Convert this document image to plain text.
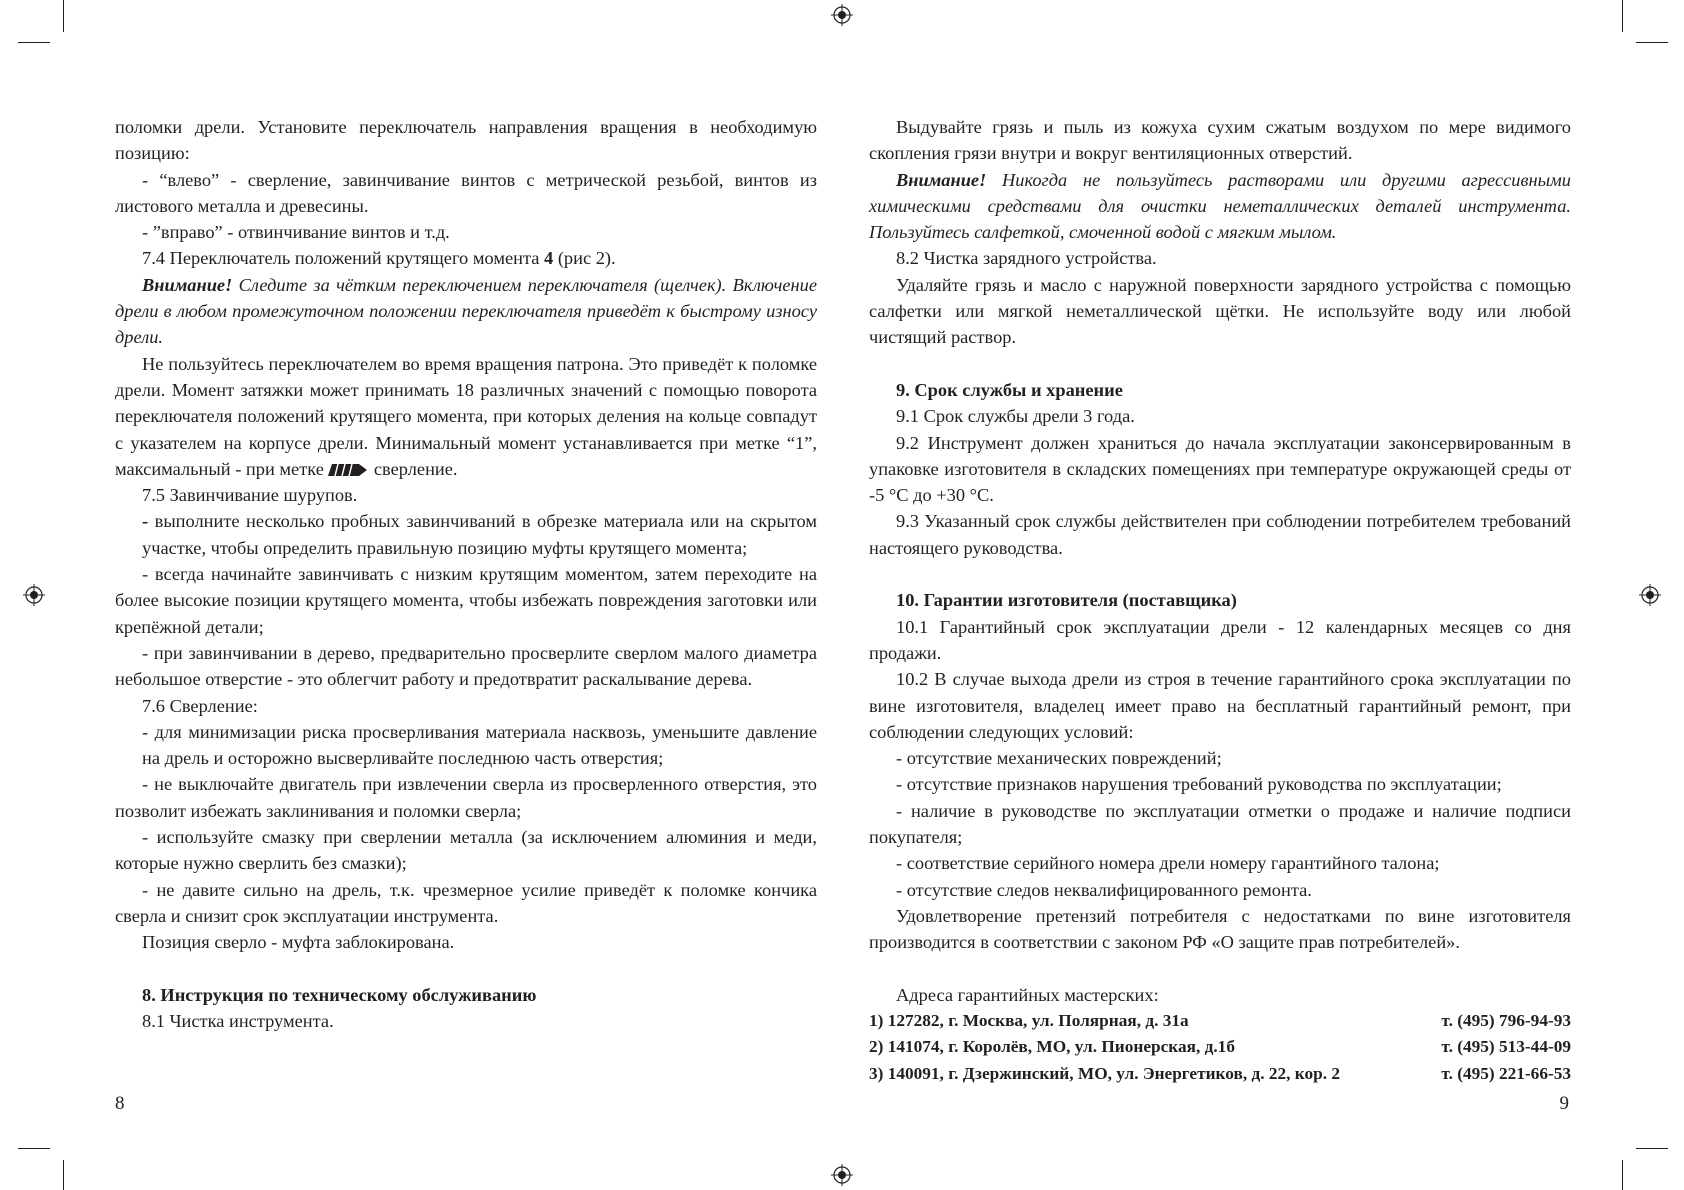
поломки дрели. Установите переключатель направления вращения в необходимую позицию:

- “влево” - сверление, завинчивание винтов с метрической резьбой, винтов из листового металла и древесины.

- ”вправо” - отвинчивание винтов и т.д.

7.4 Переключатель положений крутящего момента 4 (рис 2).

Внимание! Следите за чётким переключением переключателя (щелчек). Включение дрели в любом промежуточном положении переключателя приведёт к быстрому износу дрели.

Не пользуйтесь переключателем во время вращения патрона. Это приведёт к поломке дрели. Момент затяжки может принимать 18 различных значений с помощью поворота переключателя положений крутящего момента, при которых деления на кольце совпадут с указателем на корпусе дрели. Минимальный момент устанавливается при метке “1”, максимальный - при метке	сверление.

7.5 Завинчивание шурупов.

- выполните несколько пробных завинчиваний в обрезке материала или на скрытом участке, чтобы определить правильную позицию муфты крутящего момента;

- всегда начинайте завинчивать с низким крутящим моментом, затем переходите на более высокие позиции крутящего момента, чтобы избежать повреждения заготовки или крепёжной детали;

- при завинчивании в дерево, предварительно просверлите сверлом малого диаметра небольшое отверстие - это облегчит работу и предотвратит раскалывание дерева.

7.6 Сверление:

- для минимизации риска просверливания материала насквозь, уменьшите давление на дрель и осторожно высверливайте последнюю часть отверстия;

- не выключайте двигатель при извлечении сверла из просверленного отверстия, это позволит избежать заклинивания и поломки сверла;

- используйте смазку при сверлении металла (за исключением алюминия и меди, которые нужно сверлить без смазки);

- не давите сильно на дрель, т.к. чрезмерное усилие приведёт к поломке кончика сверла и снизит срок эксплуатации инструмента.

Позиция сверло - муфта заблокирована.

8. Инструкция по техническому обслуживанию

8.1 Чистка инструмента.

8

Выдувайте грязь и пыль из кожуха сухим сжатым воздухом по мере видимого скопления грязи внутри и вокруг вентиляционных отверстий.

Внимание! Никогда не пользуйтесь растворами или другими агрессивными химическими средствами для очистки неметаллических деталей инструмента. Пользуйтесь салфеткой, смоченной водой с мягким мылом.

8.2 Чистка зарядного устройства.

Удаляйте грязь и масло с наружной поверхности зарядного устройства с помощью салфетки или мягкой неметаллической щётки. Не используйте воду или любой чистящий раствор.

9. Срок службы и хранение

9.1 Срок службы дрели 3 года.

9.2 Инструмент должен храниться до начала эксплуатации законсервированным в упаковке изготовителя в складских помещениях при температуре окружающей среды от -5 °С до +30 °С.

9.3 Указанный срок службы действителен при соблюдении потребителем требований настоящего руководства.

10. Гарантии изготовителя (поставщика)

10.1 Гарантийный срок эксплуатации дрели - 12 календарных месяцев со дня продажи.

10.2 В случае выхода дрели из строя в течение гарантийного срока эксплуатации по вине изготовителя, владелец имеет право на бесплатный гарантийный ремонт, при соблюдении следующих условий:

- отсутствие механических повреждений;

- отсутствие признаков нарушения требований руководства по эксплуатации;

- наличие в руководстве по эксплуатации отметки о продаже и наличие подписи покупателя;

- соответствие серийного номера дрели номеру гарантийного талона;

- отсутствие следов неквалифицированного ремонта.

Удовлетворение претензий потребителя с недостатками по вине изготовителя производится в соответствии с законом РФ «О защите прав потребителей».

Адреса гарантийных мастерских:

1) 127282, г. Москва, ул. Полярная, д. 31а	т. (495) 796-94-93
2) 141074, г. Королёв, МО, ул. Пионерская, д.1б	т. (495) 513-44-09
3) 140091, г. Дзержинский, МО, ул. Энергетиков, д. 22, кор. 2	т. (495) 221-66-53
9
